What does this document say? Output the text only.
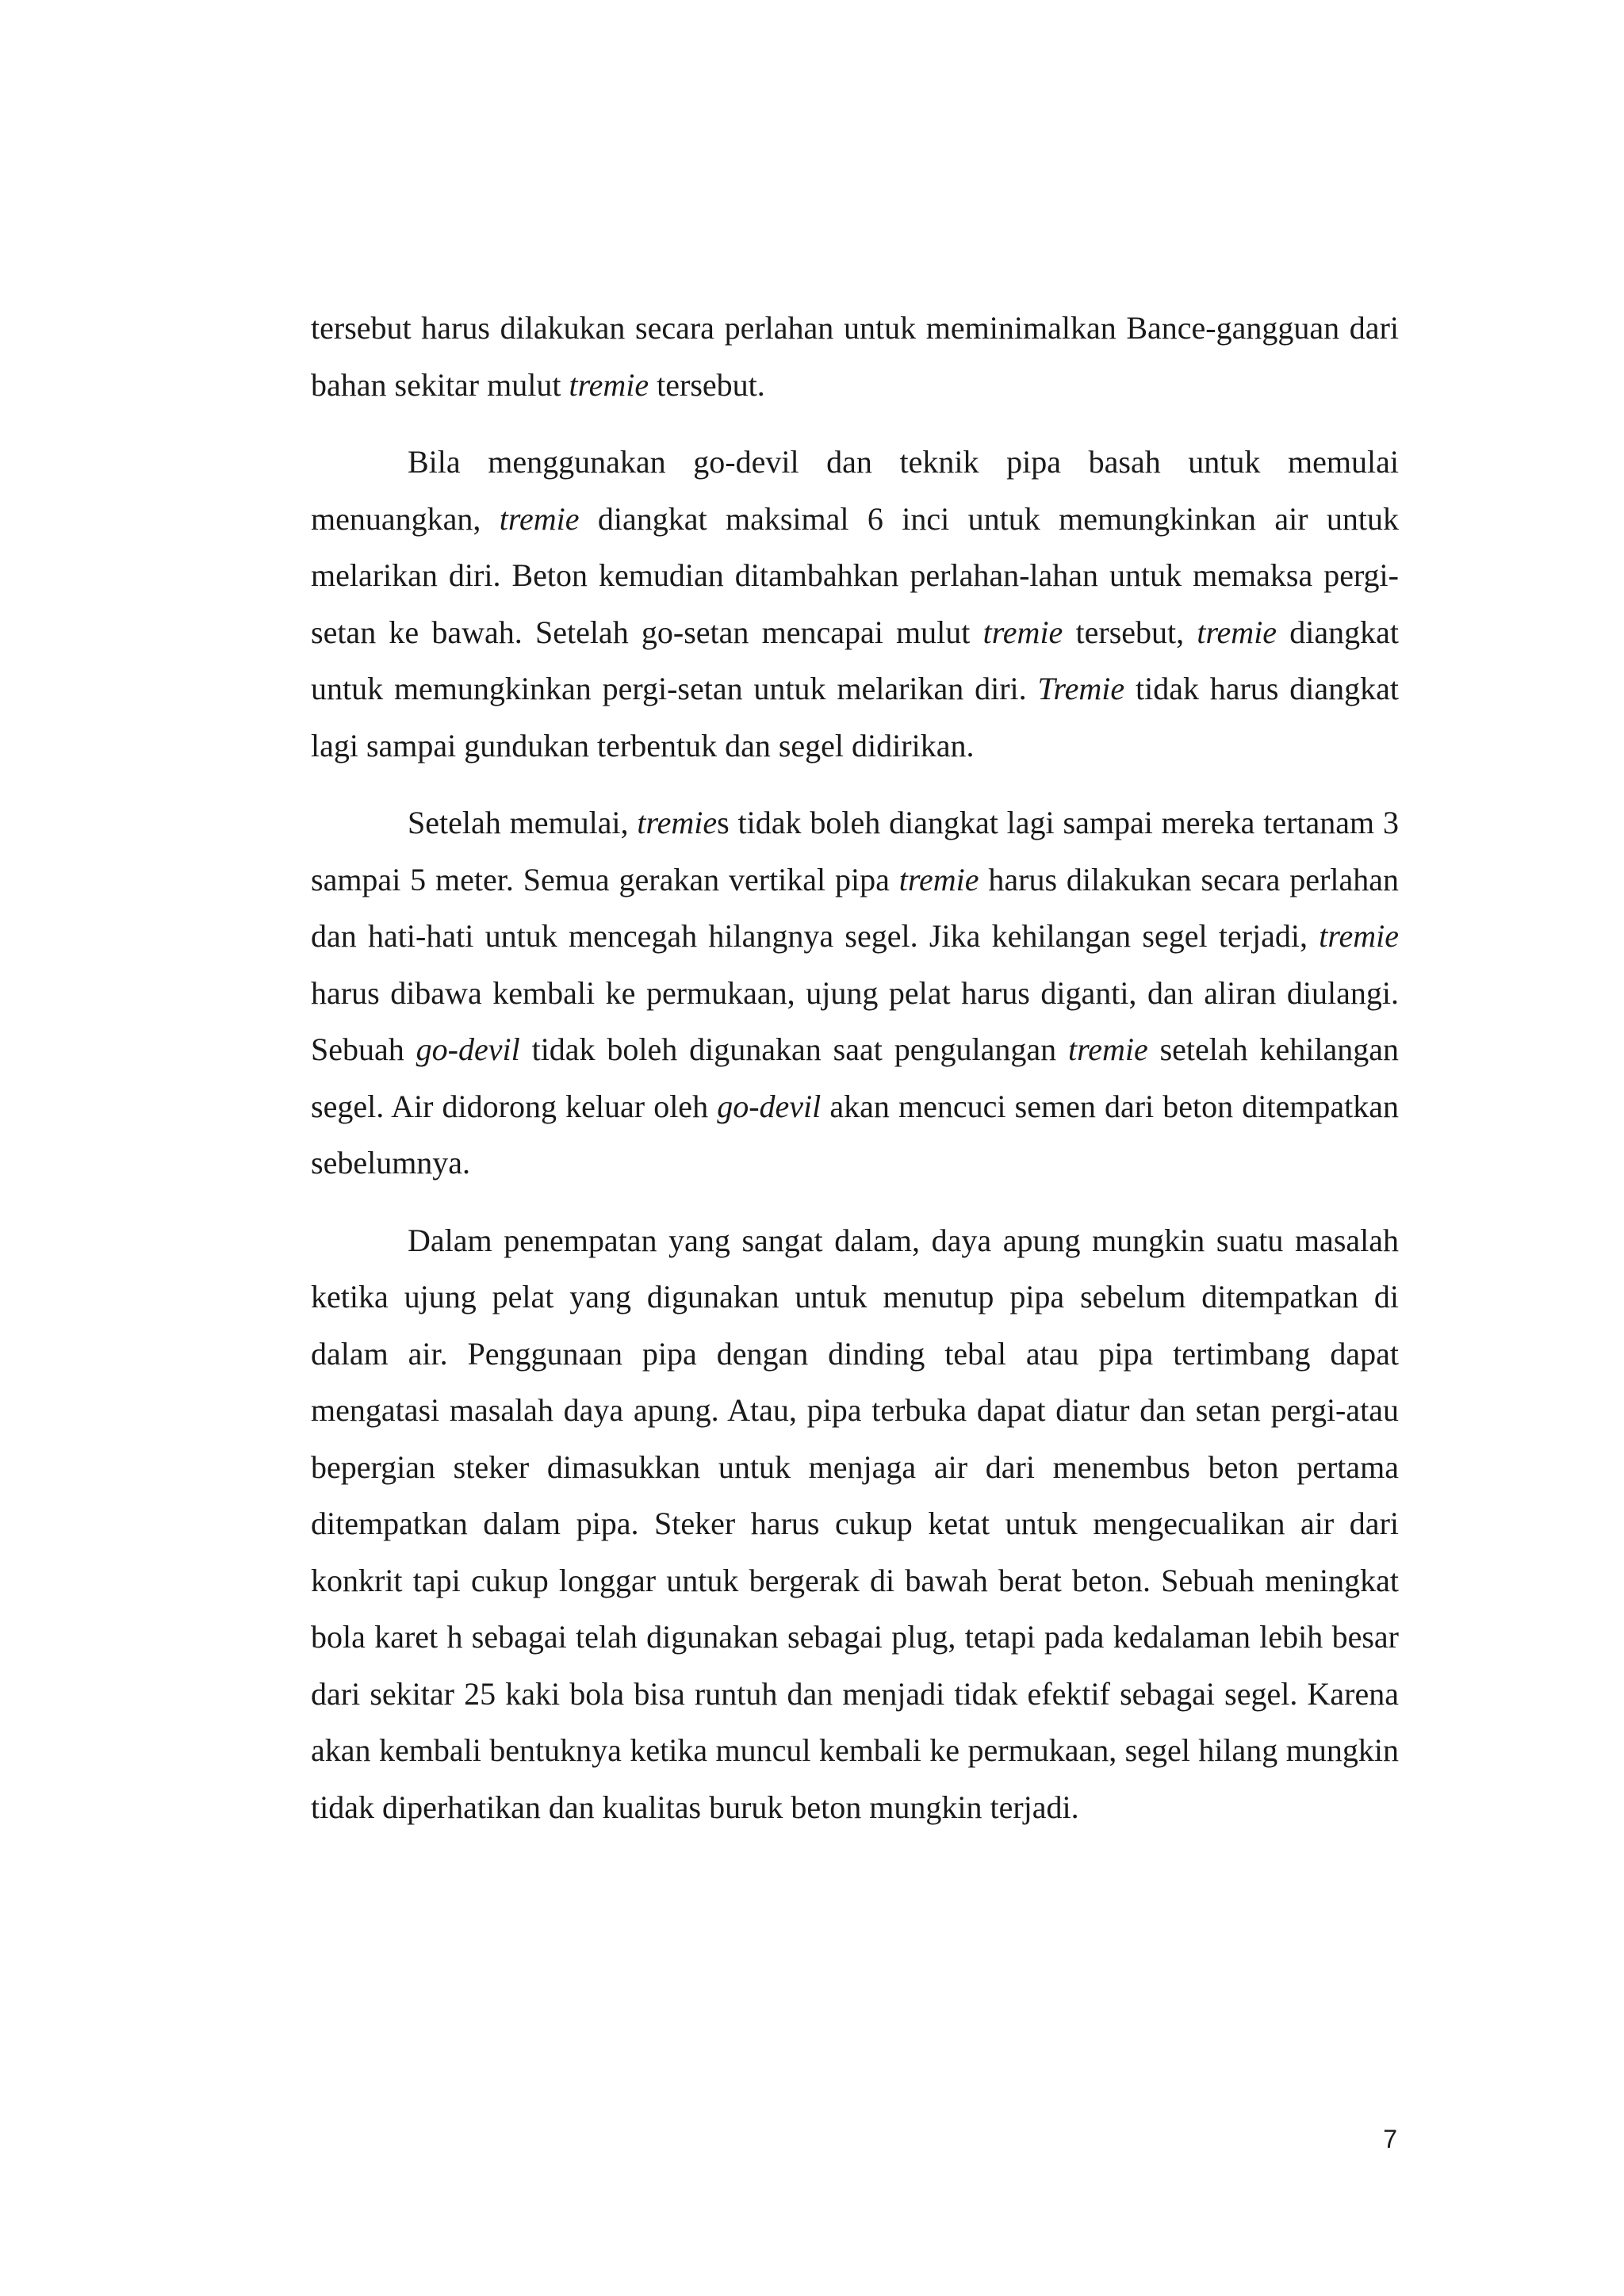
tersebut harus dilakukan secara perlahan untuk meminimalkan Bance-gangguan dari bahan sekitar mulut tremie tersebut.

Bila menggunakan go-devil dan teknik pipa basah untuk memulai menuangkan, tremie diangkat maksimal 6 inci untuk memungkinkan air untuk melarikan diri. Beton kemudian ditambahkan perlahan-lahan untuk memaksa pergi-setan ke bawah. Setelah go-setan mencapai mulut tremie tersebut, tremie diangkat untuk memungkinkan pergi-setan untuk melarikan diri. Tremie tidak harus diangkat lagi sampai gundukan terbentuk dan segel didirikan.

Setelah memulai, tremies tidak boleh diangkat lagi sampai mereka tertanam 3 sampai 5 meter. Semua gerakan vertikal pipa tremie harus dilakukan secara perlahan dan hati-hati untuk mencegah hilangnya segel. Jika kehilangan segel terjadi, tremie harus dibawa kembali ke permukaan, ujung pelat harus diganti, dan aliran diulangi. Sebuah go-devil tidak boleh digunakan saat pengulangan tremie setelah kehilangan segel. Air didorong keluar oleh go-devil akan mencuci semen dari beton ditempatkan sebelumnya.

Dalam penempatan yang sangat dalam, daya apung mungkin suatu masalah ketika ujung pelat yang digunakan untuk menutup pipa sebelum ditempatkan di dalam air. Penggunaan pipa dengan dinding tebal atau pipa tertimbang dapat mengatasi masalah daya apung. Atau, pipa terbuka dapat diatur dan setan pergi-atau bepergian steker dimasukkan untuk menjaga air dari menembus beton pertama ditempatkan dalam pipa. Steker harus cukup ketat untuk mengecualikan air dari konkrit tapi cukup longgar untuk bergerak di bawah berat beton. Sebuah meningkat bola karet h sebagai telah digunakan sebagai plug, tetapi pada kedalaman lebih besar dari sekitar 25 kaki bola bisa runtuh dan menjadi tidak efektif sebagai segel. Karena akan kembali bentuknya ketika muncul kembali ke permukaan, segel hilang mungkin tidak diperhatikan dan kualitas buruk beton mungkin terjadi.

7
